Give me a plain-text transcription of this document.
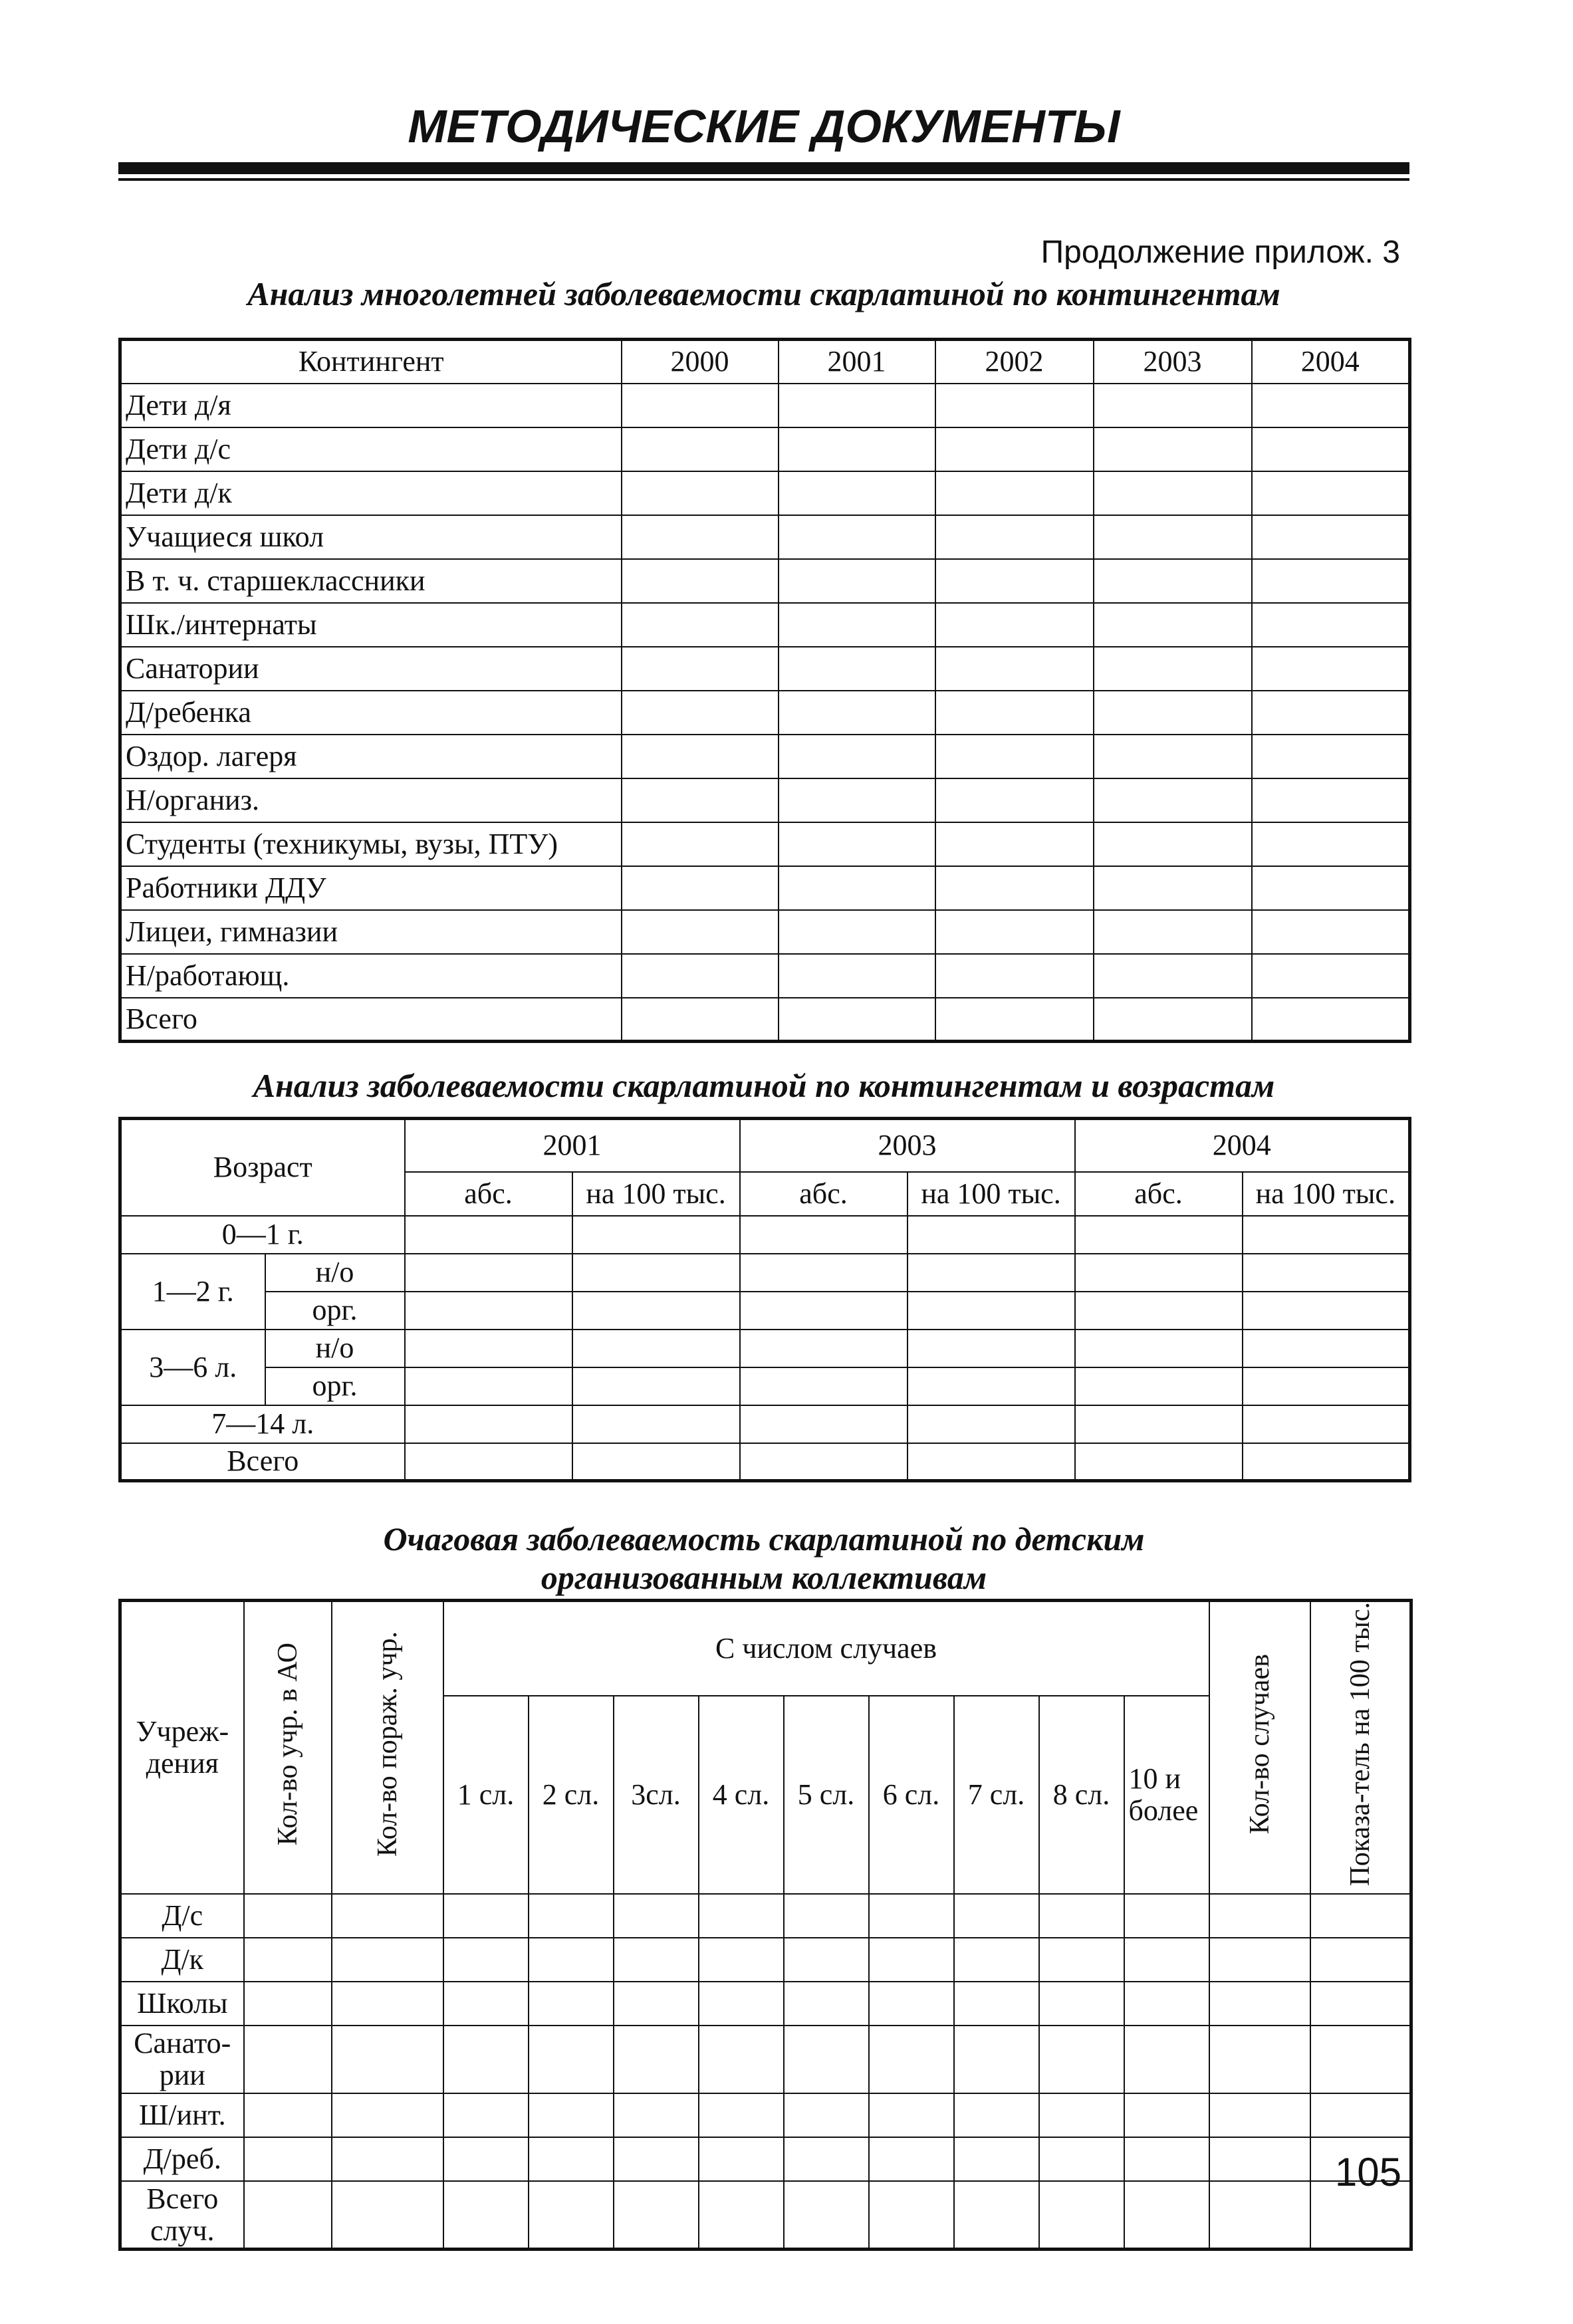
МЕТОДИЧЕСКИЕ ДОКУМЕНТЫ
Продолжение прилож. 3
Анализ многолетней заболеваемости скарлатиной по контингентам
Контингент	2000	2001	2002	2003	2004
Дети д/я					
Дети д/с					
Дети д/к					
Учащиеся школ					
В т. ч. старшеклассники					
Шк./интернаты					
Санатории					
Д/ребенка					
Оздор. лагеря					
Н/организ.					
Студенты (техникумы, вузы, ПТУ)					
Работники ДДУ					
Лицеи, гимназии					
Н/работающ.					
Всего					
Анализ заболеваемости скарлатиной по контингентам и возрастам
Возраст		2001		2003		2004	
		абс.	на 100 тыс.	абс.	на 100 тыс.	абс.	на 100 тыс.
0—1 г.							
1—2 г.	н/о						
	орг.						
3—6 л.	н/о						
	орг.						
7—14 л.							
Всего							
Очаговая заболеваемость скарлатиной по детским
организованным коллективам
Учреж-дения	Кол-во учр. в АО	Кол-во пораж. учр.	С числом случаев									Кол-во случаев	Показа-тель на 100 тыс.
			1 сл.	2 сл.	3сл.	4 сл.	5 сл.	6 сл.	7 сл.	8 сл.	10 и более		
Д/с													
Д/к													
Школы													
Санато-рии													
Ш/инт.													
Д/реб.													
Всего случ.													
105
